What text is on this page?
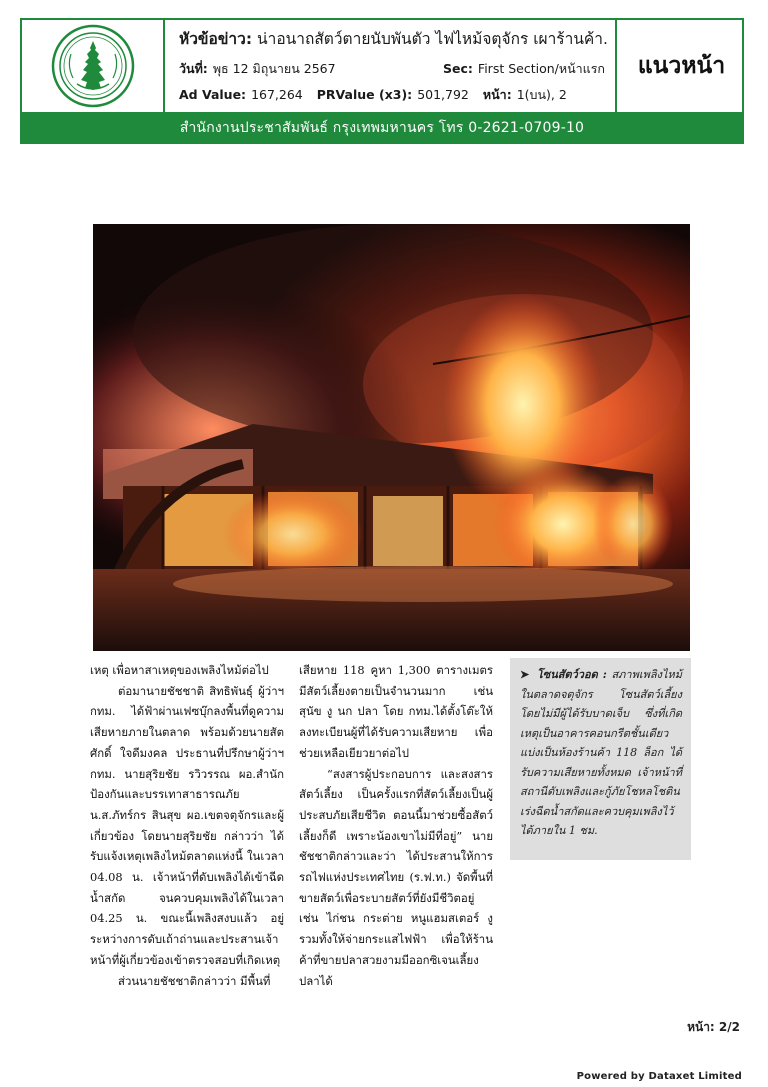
หัวข้อข่าว: น่าอนาถสัตว์ตายนับพันตัว ไฟไหม้จตุจักร เผาร้านค้า.
วันที่: พุธ 12 มิถุนายน 2567	Sec: First Section/หน้าแรก
Ad Value: 167,264 PRValue (x3): 501,792 หน้า: 1(บน), 2
แนวหน้า
สำนักงานประชาสัมพันธ์ กรุงเทพมหานคร โทร 0-2621-0709-10

เหตุ เพื่อหาสาเหตุของเพลิงไหม้ต่อไป

ต่อมานายชัชชาติ สิทธิพันธุ์ ผู้ว่าฯ กทม. ได้ฟ้าผ่านเฟซบุ๊กลงพื้นที่ดูความเสียหายภายในตลาด พร้อมด้วยนายสัตศักดิ์ ใจดีมงคล ประธานที่ปรึกษาผู้ว่าฯ กทม. นายสุริยชัย รวิวรรณ ผอ.สำนักป้องกันและบรรเทาสาธารณภัย น.ส.ภัทร์กร สินสุข ผอ.เขตจตุจักรและผู้เกี่ยวข้อง โดยนายสุริยชัย กล่าวว่า ได้รับแจ้งเหตุเพลิงไหม้ตลาดแห่งนี้ ในเวลา 04.08 น. เจ้าหน้าที่ดับเพลิงได้เข้าฉีดน้ำสกัด จนควบคุมเพลิงได้ในเวลา 04.25 น. ขณะนี้เพลิงสงบแล้ว อยู่ระหว่างการดับเถ้าถ่านและประสานเจ้าหน้าที่ผู้เกี่ยวข้องเข้าตรวจสอบที่เกิดเหตุ

ส่วนนายชัชชาติกล่าวว่า มีพื้นที่

เสียหาย 118 คูหา 1,300 ตารางเมตร มีสัตว์เลี้ยงตายเป็นจำนวนมาก เช่น สุนัข งู นก ปลา โดย กทม.ได้ตั้งโต๊ะให้ลงทะเบียนผู้ที่ได้รับความเสียหาย เพื่อช่วยเหลือเยียวยาต่อไป

“สงสารผู้ประกอบการ และสงสารสัตว์เลี้ยง เป็นครั้งแรกที่สัตว์เลี้ยงเป็นผู้ประสบภัยเสียชีวิต ตอนนี้มาช่วยซื้อสัตว์เลี้ยงก็ดี เพราะน้องเขาไม่มีที่อยู่” นายชัชชาติกล่าวและว่า ได้ประสานให้การรถไฟแห่งประเทศไทย (ร.ฟ.ท.) จัดพื้นที่ขายสัตว์เพื่อระบายสัตว์ที่ยังมีชีวิตอยู่ เช่น ไก่ชน กระต่าย หนูแฮมสเตอร์ งู รวมทั้งให้จ่ายกระแสไฟฟ้า เพื่อให้ร้านค้าที่ขายปลาสวยงามมีออกซิเจนเลี้ยงปลาได้

➤ โซนสัตว์วอด : สภาพเพลิงไหม้ในตลาดจตุจักร โซนสัตว์เลี้ยง โดยไม่มีผู้ได้รับบาดเจ็บ ซึ่งที่เกิดเหตุเป็นอาคารคอนกรีตชั้นเดียว แบ่งเป็นห้องร้านค้า 118 ล็อก ได้รับความเสียหายทั้งหมด เจ้าหน้าที่สถานีดับเพลิงและกู้ภัยโชหลโชติน เร่งฉีดน้ำสกัดและควบคุมเพลิงไว้ได้ภายใน 1 ชม.
หน้า: 2/2
Powered by Dataxet Limited
